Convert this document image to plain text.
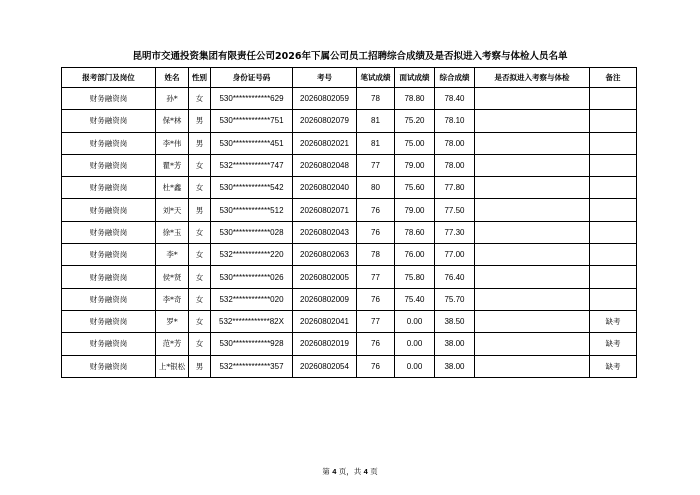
昆明市交通投资集团有限责任公司2026年下属公司员工招聘综合成绩及是否拟进入考察与体检人员名单
报考部门及岗位	姓名	性别	身份证号码	考号	笔试成绩	面试成绩	综合成绩	是否拟进入考察与体检	备注
财务融资岗	孙*	女	530************629	20260802059	78	78.80	78.40		
财务融资岗	保*林	男	530************751	20260802079	81	75.20	78.10		
财务融资岗	李*伟	男	530************451	20260802021	81	75.00	78.00		
财务融资岗	瞿*芳	女	532************747	20260802048	77	79.00	78.00		
财务融资岗	杜*鑫	女	530************542	20260802040	80	75.60	77.80		
财务融资岗	刘*天	男	530************512	20260802071	76	79.00	77.50		
财务融资岗	徐*玉	女	530************028	20260802043	76	78.60	77.30		
财务融资岗	李*	女	532************220	20260802063	78	76.00	77.00		
财务融资岗	侯*贤	女	530************026	20260802005	77	75.80	76.40		
财务融资岗	李*奇	女	532************020	20260802009	76	75.40	75.70		
财务融资岗	罗*	女	532************82X	20260802041	77	0.00	38.50		缺考
财务融资岗	范*芳	女	530************928	20260802019	76	0.00	38.00		缺考
财务融资岗	上*银松	男	532************357	20260802054	76	0.00	38.00		缺考
第 4 页，共 4 页
